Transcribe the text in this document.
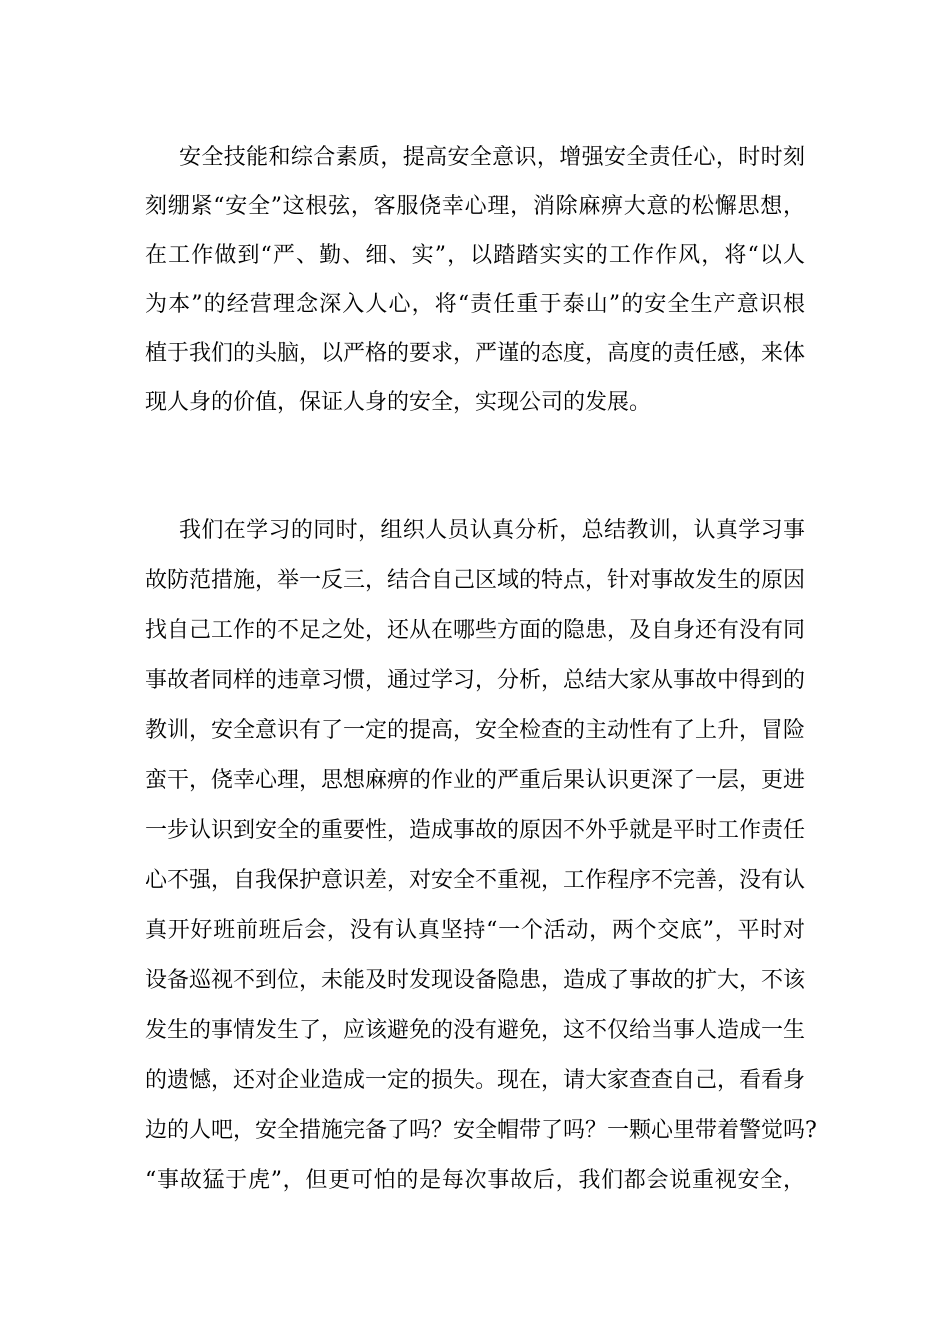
安全技能和综合素质，提高安全意识，增强安全责任心，时时刻
刻绷紧“安全”这根弦，客服侥幸心理，消除麻痹大意的松懈思想，
在工作做到“严、勤、细、实”，以踏踏实实的工作作风，将“以人
为本”的经营理念深入人心，将“责任重于泰山”的安全生产意识根
植于我们的头脑，以严格的要求，严谨的态度，高度的责任感，来体
现人身的价值，保证人身的安全，实现公司的发展。
我们在学习的同时，组织人员认真分析，总结教训，认真学习事
故防范措施，举一反三，结合自己区域的特点，针对事故发生的原因
找自己工作的不足之处，还从在哪些方面的隐患，及自身还有没有同
事故者同样的违章习惯，通过学习，分析，总结大家从事故中得到的
教训，安全意识有了一定的提高，安全检查的主动性有了上升，冒险
蛮干，侥幸心理，思想麻痹的作业的严重后果认识更深了一层，更进
一步认识到安全的重要性，造成事故的原因不外乎就是平时工作责任
心不强，自我保护意识差，对安全不重视，工作程序不完善，没有认
真开好班前班后会，没有认真坚持“一个活动，两个交底”，平时对
设备巡视不到位，未能及时发现设备隐患，造成了事故的扩大，不该
发生的事情发生了，应该避免的没有避免，这不仅给当事人造成一生
的遗憾，还对企业造成一定的损失。现在，请大家查查自己，看看身
边的人吧，安全措施完备了吗？安全帽带了吗？一颗心里带着警觉吗?
“事故猛于虎”，但更可怕的是每次事故后，我们都会说重视安全，
